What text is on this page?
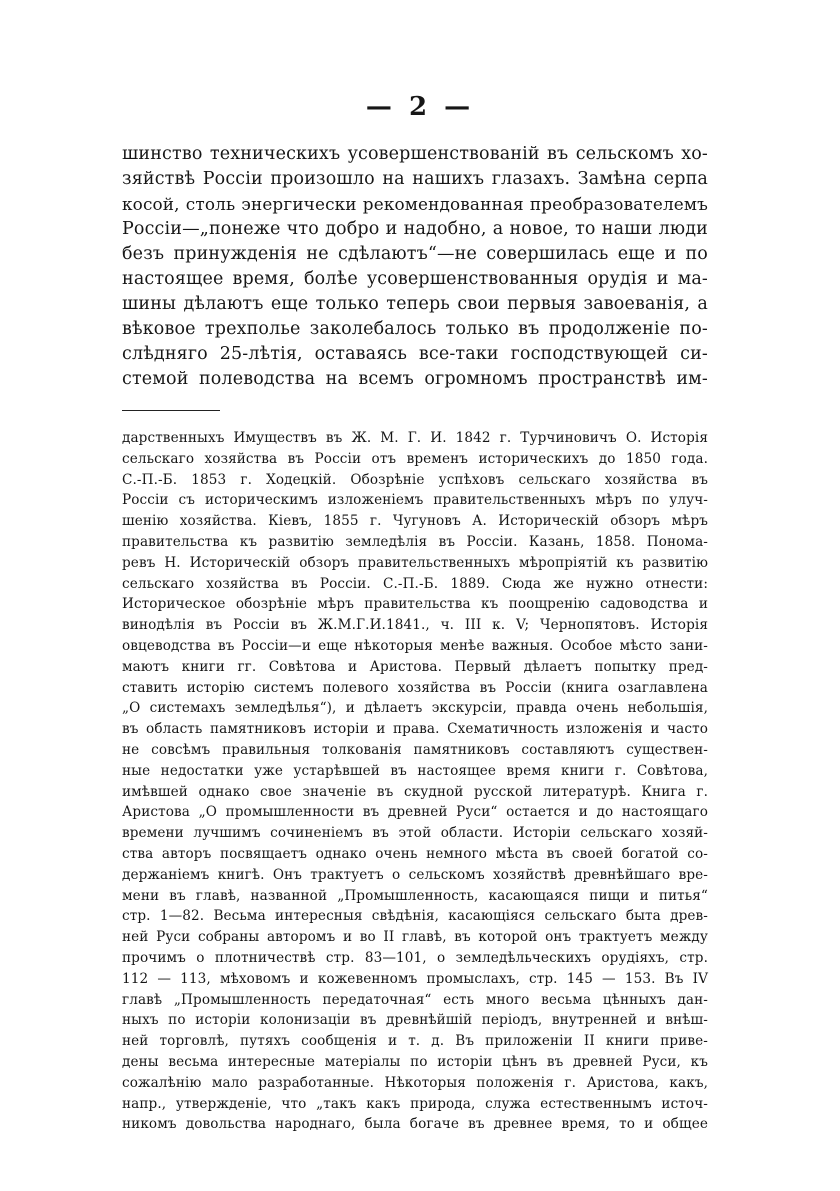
— 2 —
шинство техническихъ усовершенствованій въ сельскомъ хо-
зяйствѣ Россіи произошло на нашихъ глазахъ. Замѣна серпа
косой, столь энергически рекомендованная преобразователемъ
Россіи—„понеже что добро и надобно, а новое, то наши люди
безъ принужденія не сдѣлаютъ“—не совершилась еще и по
настоящее время, болѣе усовершенствованныя орудія и ма-
шины дѣлаютъ еще только теперь свои первыя завоеванія, а
вѣковое трехполье заколебалось только въ продолженіе по-
слѣдняго 25-лѣтія, оставаясь все-таки господствующей си-
стемой полеводства на всемъ огромномъ пространствѣ им-
дарственныхъ Имуществъ въ Ж. М. Г. И. 1842 г. Турчиновичъ О. Исторія
сельскаго хозяйства въ Россіи отъ временъ историческихъ до 1850 года.
С.-П.-Б. 1853 г. Ходецкій. Обозрѣніе успѣховъ сельскаго хозяйства въ
Россіи съ историческимъ изложеніемъ правительственныхъ мѣръ по улуч-
шенію хозяйства. Кіевъ, 1855 г. Чугуновъ А. Историческій обзоръ мѣръ
правительства къ развитію земледѣлія въ Россіи. Казань, 1858. Понома-
ревъ Н. Историческій обзоръ правительственныхъ мѣропріятій къ развитію
сельскаго хозяйства въ Россіи. С.-П.-Б. 1889. Сюда же нужно отнести:
Историческое обозрѣніе мѣръ правительства къ поощренію садоводства и
винодѣлія въ Россіи въ Ж.М.Г.И.1841., ч. III к. V; Чернопятовъ. Исторія
овцеводства въ Россіи—и еще нѣкоторыя менѣе важныя. Особое мѣсто зани-
маютъ книги гг. Совѣтова и Аристова. Первый дѣлаетъ попытку пред-
ставить исторію системъ полевого хозяйства въ Россіи (книга озаглавлена
„О системахъ земледѣлья“), и дѣлаетъ экскурсіи, правда очень небольшія,
въ область памятниковъ исторіи и права. Схематичность изложенія и часто
не совсѣмъ правильныя толкованія памятниковъ составляютъ существен-
ные недостатки уже устарѣвшей въ настоящее время книги г. Совѣтова,
имѣвшей однако свое значеніе въ скудной русской литературѣ. Книга г.
Аристова „О промышленности въ древней Руси“ остается и до настоящаго
времени лучшимъ сочиненіемъ въ этой области. Исторіи сельскаго хозяй-
ства авторъ посвящаетъ однако очень немного мѣста въ своей богатой со-
держаніемъ книгѣ. Онъ трактуетъ о сельскомъ хозяйствѣ древнѣйшаго вре-
мени въ главѣ, названной „Промышленность, касающаяся пищи и питья“
стр. 1—82. Весьма интересныя свѣдѣнія, касающіяся сельскаго быта древ-
ней Руси собраны авторомъ и во II главѣ, въ которой онъ трактуетъ между
прочимъ о плотничествѣ стр. 83—101, о земледѣльческихъ орудіяхъ, стр.
112 — 113, мѣховомъ и кожевенномъ промыслахъ, стр. 145 — 153. Въ IV
главѣ „Промышленность передаточная“ есть много весьма цѣнныхъ дан-
ныхъ по исторіи колонизаціи въ древнѣйшій періодъ, внутренней и внѣш-
ней торговлѣ, путяхъ сообщенія и т. д. Въ приложеніи II книги приве-
дены весьма интересные матеріалы по исторіи цѣнъ въ древней Руси, къ
сожалѣнію мало разработанные. Нѣкоторыя положенія г. Аристова, какъ,
напр., утвержденіе, что „такъ какъ природа, служа естественнымъ источ-
никомъ довольства народнаго, была богаче въ древнее время, то и общее
